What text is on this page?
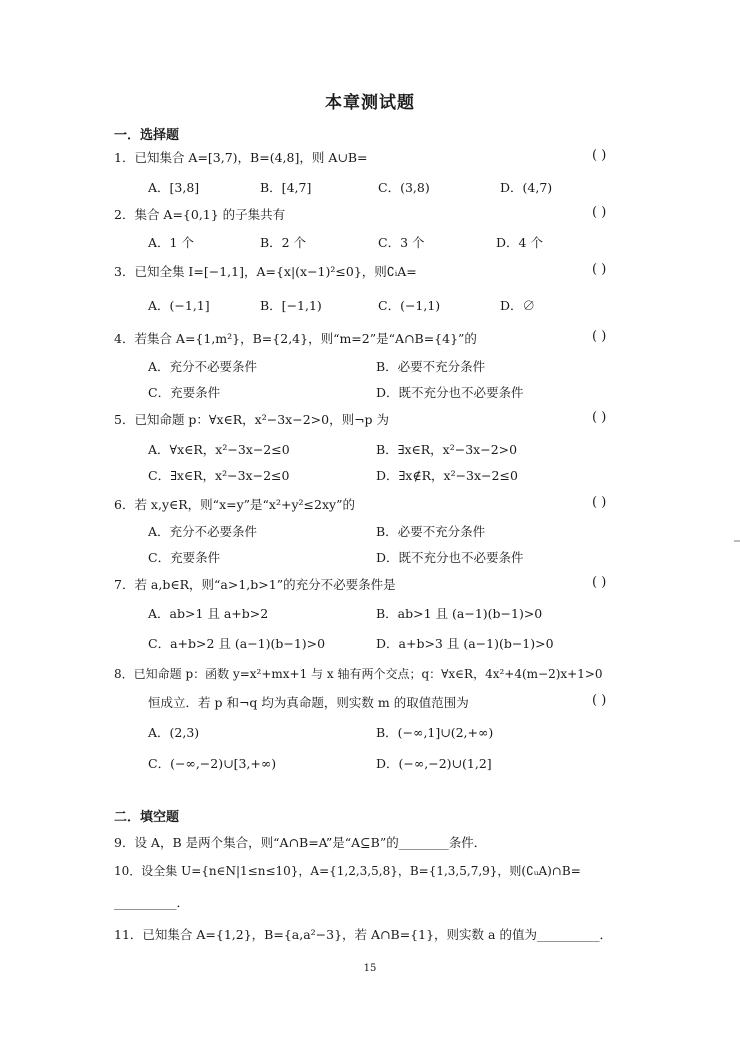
本章测试题
一．选择题
1．已知集合 A=[3,7)，B=(4,8]，则 A∪B=	( )
A．[3,8]	B．[4,7]	C．(3,8)	D．(4,7)
2．集合 A={0,1} 的子集共有	( )
A．1 个	B．2 个	C．3 个	D．4 个
3．已知全集 I=[−1,1]，A={x|(x−1)²≤0}，则∁ᵢA=	( )
A．(−1,1]	B．[−1,1)	C．(−1,1)	D．∅
4．若集合 A={1,m²}，B={2,4}，则“m=2”是“A∩B={4}”的	( )
A．充分不必要条件	B．必要不充分条件
C．充要条件	D．既不充分也不必要条件
5．已知命题 p：∀x∈R，x²−3x−2>0，则¬p 为	( )
A．∀x∈R，x²−3x−2≤0	B．∃x∈R，x²−3x−2>0
C．∃x∈R，x²−3x−2≤0	D．∃x∉R，x²−3x−2≤0
6．若 x,y∈R，则“x=y”是“x²+y²≤2xy”的	( )
A．充分不必要条件	B．必要不充分条件
C．充要条件	D．既不充分也不必要条件
7．若 a,b∈R，则“a>1,b>1”的充分不必要条件是	( )
A．ab>1 且 a+b>2	B．ab>1 且 (a−1)(b−1)>0
C．a+b>2 且 (a−1)(b−1)>0	D．a+b>3 且 (a−1)(b−1)>0
8．已知命题 p：函数 y=x²+mx+1 与 x 轴有两个交点；q：∀x∈R，4x²+4(m−2)x+1>0
恒成立．若 p 和¬q 均为真命题，则实数 m 的取值范围为	( )
A．(2,3)	B．(−∞,1]∪(2,+∞)
C．(−∞,−2)∪[3,+∞)	D．(−∞,−2)∪(1,2]
二．填空题
9．设 A，B 是两个集合，则“A∩B=A”是“A⊆B”的________条件．
10．设全集 U={n∈N|1≤n≤10}，A={1,2,3,5,8}，B={1,3,5,7,9}，则(∁ᵤA)∩B=
__________．
11．已知集合 A={1,2}，B={a,a²−3}，若 A∩B={1}，则实数 a 的值为__________．
15
